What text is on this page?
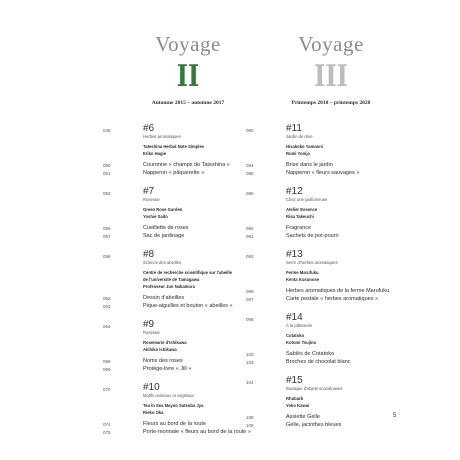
Voyage
II
Automne 2015 – automne 2017
046	#6
Herbes aromatiques
Tateshina Herbal Note Simples
Eriko Hagie
050	Couronne « champs de Tateshina »
051	Napperon « pâquerette »
052	#7
Roseraie
Green Rose Garden
Yoshie Saito
056	Cueillette de roses
057	Sac de jardinage
058	#8
Science des abeilles
Centre de recherche scientifique sur l'abeille
de l'université de Tamagawa
Professeur Jun Nakamura
062	Dessin d'abeilles
063	Pique-aiguilles et bouton « abeilles »
064	#9
Roséraie
Rosemarie d'Ishikawa
Akihiko Ichikawa
068	Noms des roses
069	Protège-livre « Jill »
070	#10
Motifs animaux et végétaux
Tea in Sea Mayoo Satsuba Jya
Rieko Oka
074	Fleurs au bord de la route
075	Porte-monnaie « fleurs au bord de la route »
Voyage
III
Printemps 2018 – printemps 2020
080	#11
Jardin de rêve
Hisakoko Yamaoni
Rumi Yonija
084	Brise dans le jardin
085	Napperon « fleurs sauvages »
086	#12
Chez une parfumeuse
Atelier Essence
Risa Takeuchi
090	Fragrance
091	Sachets de pot-pourri
092	#13
Serre d'herbes aromatiques
Ferme Marufuku
Kenta Kusunose
096	Herbes aromatiques de la ferme Marufuku
097	Carte postale « herbes aromatiques »
098	#14
À la pâtisserie
Cotatoko
Kotomi Tsujino
102	Sablés de Cotatoko
103	Broches de chocolat blanc
104	#15
Boutique d'objets scandinaves
Rhubarb
Yoko Kawai
108	Assiette Gelle
109	Gelle, jacinthes bleues
5
